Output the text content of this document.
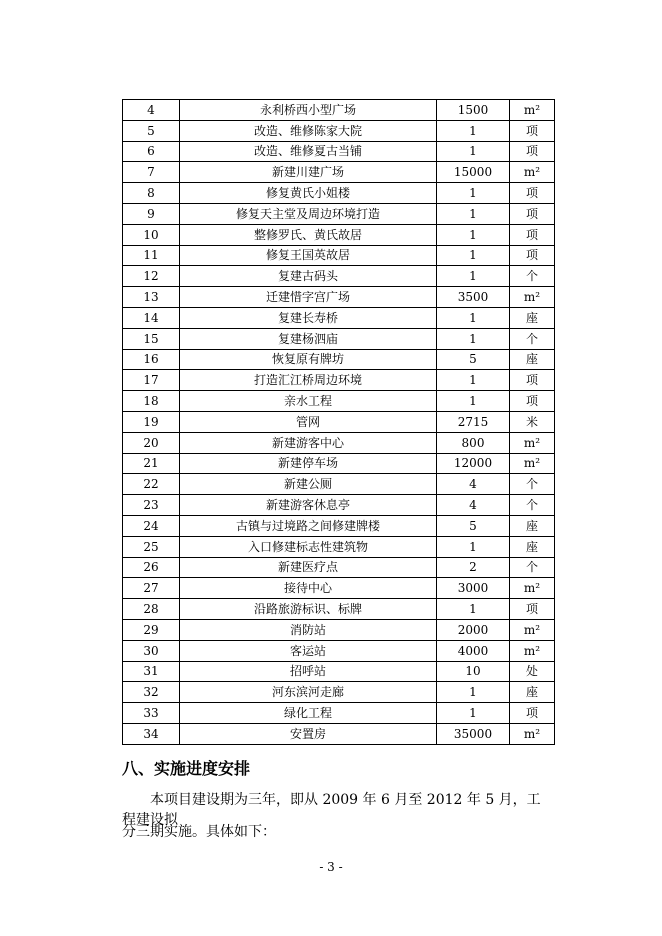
4	永利桥西小型广场	1500	m²
5	改造、维修陈家大院	1	项
6	改造、维修夏古当铺	1	项
7	新建川建广场	15000	m²
8	修复黄氏小姐楼	1	项
9	修复天主堂及周边环境打造	1	项
10	整修罗氏、黄氏故居	1	项
11	修复王国英故居	1	项
12	复建古码头	1	个
13	迁建惜字宫广场	3500	m²
14	复建长寿桥	1	座
15	复建杨泗庙	1	个
16	恢复原有牌坊	5	座
17	打造汇江桥周边环境	1	项
18	亲水工程	1	项
19	管网	2715	米
20	新建游客中心	800	m²
21	新建停车场	12000	m²
22	新建公厕	4	个
23	新建游客休息亭	4	个
24	古镇与过境路之间修建牌楼	5	座
25	入口修建标志性建筑物	1	座
26	新建医疗点	2	个
27	接待中心	3000	m²
28	沿路旅游标识、标牌	1	项
29	消防站	2000	m²
30	客运站	4000	m²
31	招呼站	10	处
32	河东滨河走廊	1	座
33	绿化工程	1	项
34	安置房	35000	m²
八、实施进度安排
　　本项目建设期为三年，即从 2009 年 6 月至 2012 年 5 月，工程建设拟
分三期实施。具体如下：
- 3 -
